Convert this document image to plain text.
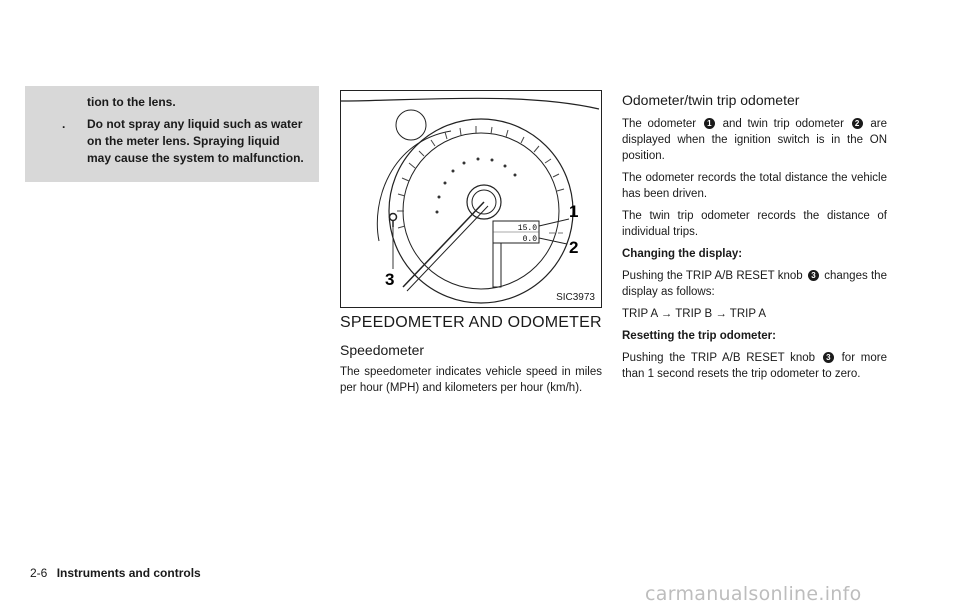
tion to the lens.

.	Do not spray any liquid such as water on the meter lens. Spraying liquid may cause the system to malfunction.

15.0
0.0
1
2
3
SIC3973
SPEEDOMETER AND ODOMETER
Speedometer

The speedometer indicates vehicle speed in miles per hour (MPH) and kilometers per hour (km/h).

Odometer/twin trip odometer

The odometer 1 and twin trip odometer 2 are displayed when the ignition switch is in the ON position.

The odometer records the total distance the vehicle has been driven.

The twin trip odometer records the distance of individual trips.

Changing the display:

Pushing the TRIP A/B RESET knob 3 changes the display as follows:

TRIP A → TRIP B → TRIP A

Resetting the trip odometer:

Pushing the TRIP A/B RESET knob 3 for more than 1 second resets the trip odometer to zero.

2-6 Instruments and controls
carmanualsonline.info
